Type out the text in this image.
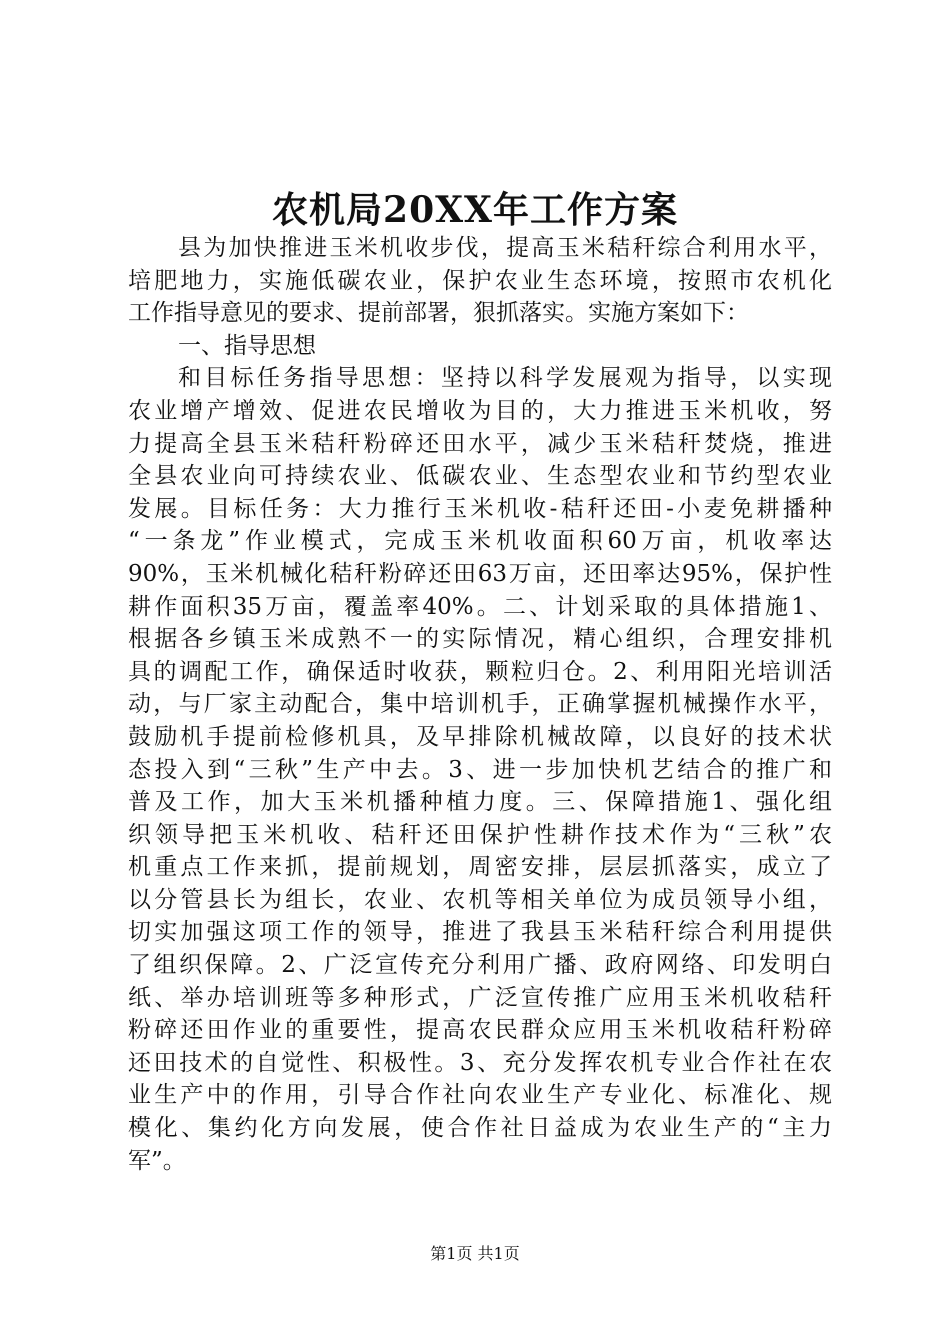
农机局20XX年工作方案
县为加快推进玉米机收步伐，提高玉米秸秆综合利用水平，
培肥地力，实施低碳农业，保护农业生态环境，按照市农机化
工作指导意见的要求、提前部署，狠抓落实。实施方案如下：
一、指导思想
和目标任务指导思想：坚持以科学发展观为指导，以实现
农业增产增效、促进农民增收为目的，大力推进玉米机收，努
力提高全县玉米秸秆粉碎还田水平，减少玉米秸秆焚烧，推进
全县农业向可持续农业、低碳农业、生态型农业和节约型农业
发展。目标任务：大力推行玉米机收-秸秆还田-小麦免耕播种
“一条龙”作业模式，完成玉米机收面积60万亩，机收率达
90%，玉米机械化秸秆粉碎还田63万亩，还田率达95%，保护性
耕作面积35万亩，覆盖率40%。二、计划采取的具体措施1、
根据各乡镇玉米成熟不一的实际情况，精心组织，合理安排机
具的调配工作，确保适时收获，颗粒归仓。2、利用阳光培训活
动，与厂家主动配合，集中培训机手，正确掌握机械操作水平，
鼓励机手提前检修机具，及早排除机械故障，以良好的技术状
态投入到“三秋”生产中去。3、进一步加快机艺结合的推广和
普及工作，加大玉米机播种植力度。三、保障措施1、强化组
织领导把玉米机收、秸秆还田保护性耕作技术作为“三秋”农
机重点工作来抓，提前规划，周密安排，层层抓落实，成立了
以分管县长为组长，农业、农机等相关单位为成员领导小组，
切实加强这项工作的领导，推进了我县玉米秸秆综合利用提供
了组织保障。2、广泛宣传充分利用广播、政府网络、印发明白
纸、举办培训班等多种形式，广泛宣传推广应用玉米机收秸秆
粉碎还田作业的重要性，提高农民群众应用玉米机收秸秆粉碎
还田技术的自觉性、积极性。3、充分发挥农机专业合作社在农
业生产中的作用，引导合作社向农业生产专业化、标准化、规
模化、集约化方向发展，使合作社日益成为农业生产的“主力
军”。
第1页 共1页
